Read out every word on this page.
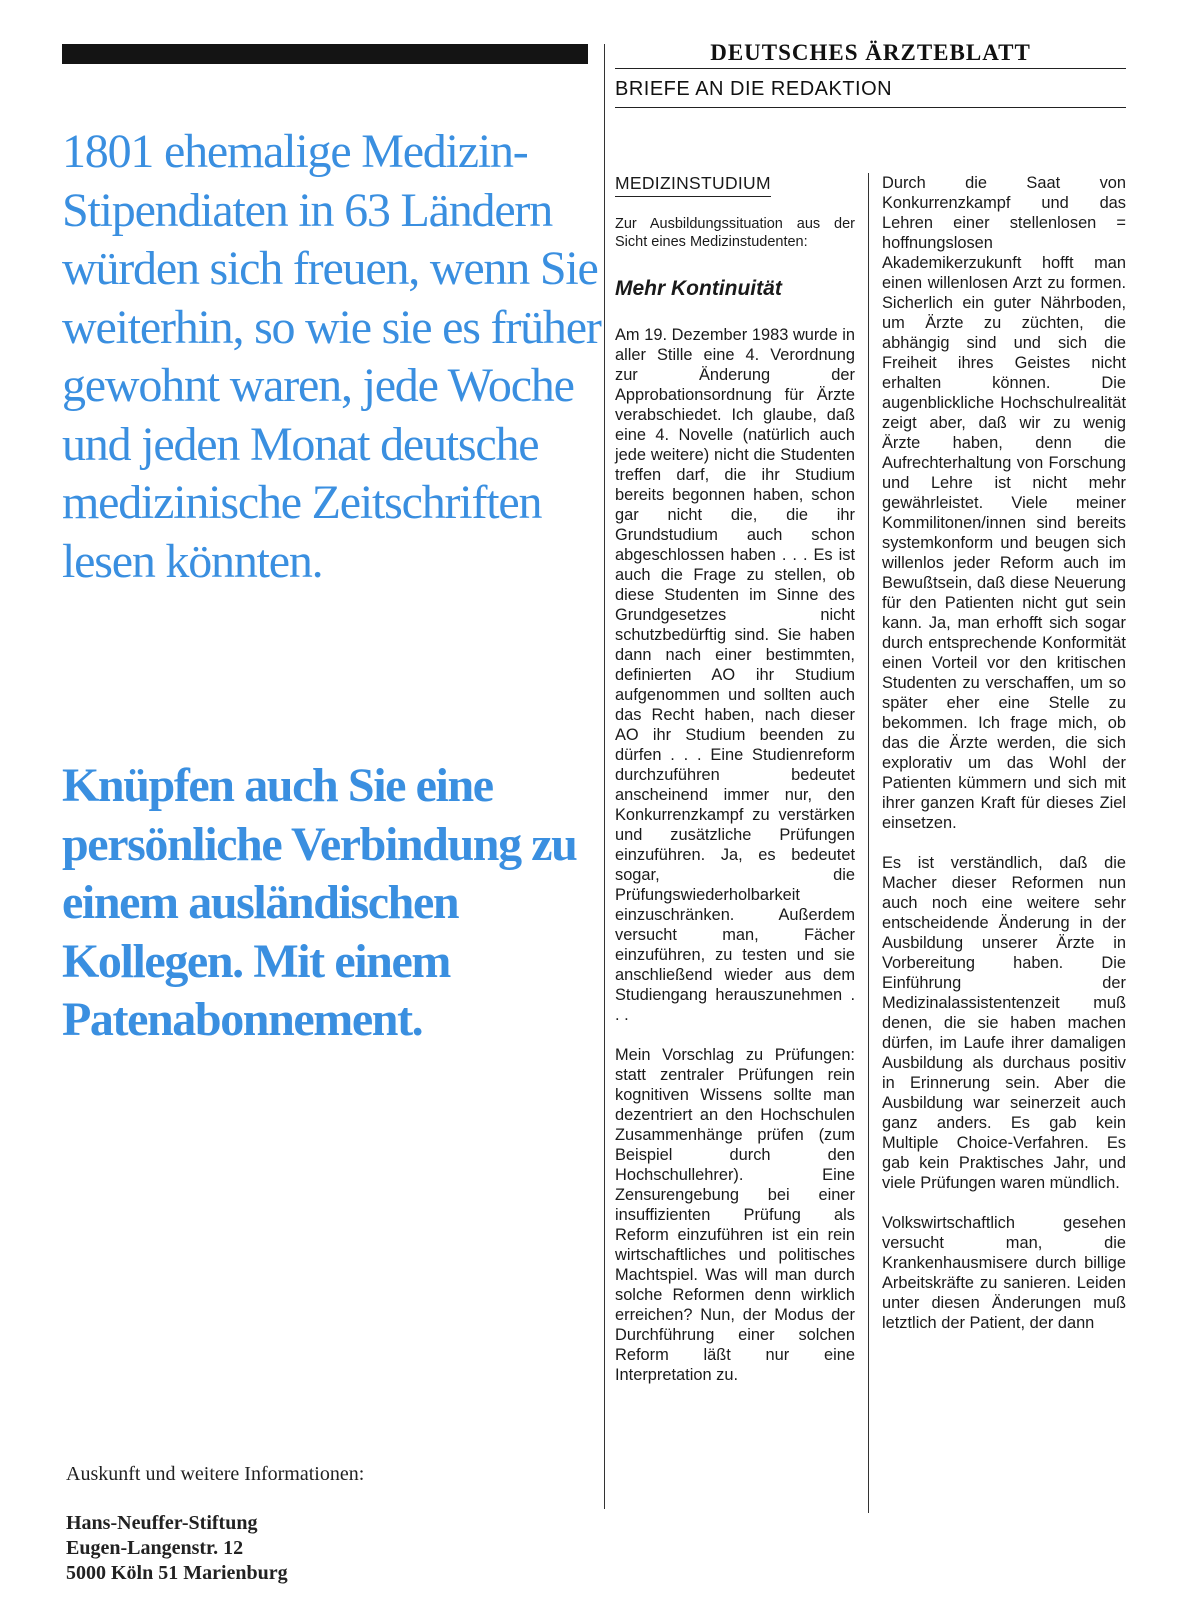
1801 ehemalige Medizin-Stipendiaten in 63 Ländern würden sich freuen, wenn Sie weiterhin, so wie sie es früher gewohnt waren, jede Woche und jeden Monat deutsche medizinische Zeitschriften lesen könnten.
Knüpfen auch Sie eine persönliche Verbindung zu einem ausländischen Kollegen. Mit einem Patenabonnement.
Auskunft und weitere Informationen:
Hans-Neuffer-Stiftung
Eugen-Langenstr. 12
5000 Köln 51 Marienburg
DEUTSCHES ÄRZTEBLATT
BRIEFE AN DIE REDAKTION
MEDIZINSTUDIUM
Zur Ausbildungssituation aus der Sicht eines Medizinstudenten:
Mehr Kontinuität

Am 19. Dezember 1983 wurde in aller Stille eine 4. Verordnung zur Änderung der Approbationsordnung für Ärzte verabschiedet. Ich glaube, daß eine 4. Novelle (natürlich auch jede weitere) nicht die Studenten treffen darf, die ihr Studium bereits begonnen haben, schon gar nicht die, die ihr Grundstudium auch schon abgeschlossen haben . . . Es ist auch die Frage zu stellen, ob diese Studenten im Sinne des Grundgesetzes nicht schutzbedürftig sind. Sie haben dann nach einer bestimmten, definierten AO ihr Studium aufgenommen und sollten auch das Recht haben, nach dieser AO ihr Studium beenden zu dürfen . . . Eine Studienreform durchzuführen bedeutet anscheinend immer nur, den Konkurrenzkampf zu verstärken und zusätzliche Prüfungen einzuführen. Ja, es bedeutet sogar, die Prüfungswiederholbarkeit einzuschränken. Außerdem versucht man, Fächer einzuführen, zu testen und sie anschließend wieder aus dem Studiengang herauszunehmen . . .

Mein Vorschlag zu Prüfungen: statt zentraler Prüfungen rein kognitiven Wissens sollte man dezentriert an den Hochschulen Zusammenhänge prüfen (zum Beispiel durch den Hochschullehrer). Eine Zensurengebung bei einer insuffizienten Prüfung als Reform einzuführen ist ein rein wirtschaftliches und politisches Machtspiel. Was will man durch solche Reformen denn wirklich erreichen? Nun, der Modus der Durchführung einer solchen Reform läßt nur eine Interpretation zu.

Durch die Saat von Konkurrenzkampf und das Lehren einer stellenlosen = hoffnungslosen Akademikerzukunft hofft man einen willenlosen Arzt zu formen. Sicherlich ein guter Nährboden, um Ärzte zu züchten, die abhängig sind und sich die Freiheit ihres Geistes nicht erhalten können. Die augenblickliche Hochschulrealität zeigt aber, daß wir zu wenig Ärzte haben, denn die Aufrechterhaltung von Forschung und Lehre ist nicht mehr gewährleistet. Viele meiner Kommilitonen/innen sind bereits systemkonform und beugen sich willenlos jeder Reform auch im Bewußtsein, daß diese Neuerung für den Patienten nicht gut sein kann. Ja, man erhofft sich sogar durch entsprechende Konformität einen Vorteil vor den kritischen Studenten zu verschaffen, um so später eher eine Stelle zu bekommen. Ich frage mich, ob das die Ärzte werden, die sich explorativ um das Wohl der Patienten kümmern und sich mit ihrer ganzen Kraft für dieses Ziel einsetzen.

Es ist verständlich, daß die Macher dieser Reformen nun auch noch eine weitere sehr entscheidende Änderung in der Ausbildung unserer Ärzte in Vorbereitung haben. Die Einführung der Medizinalassistentenzeit muß denen, die sie haben machen dürfen, im Laufe ihrer damaligen Ausbildung als durchaus positiv in Erinnerung sein. Aber die Ausbildung war seinerzeit auch ganz anders. Es gab kein Multiple Choice-Verfahren. Es gab kein Praktisches Jahr, und viele Prüfungen waren mündlich.

Volkswirtschaftlich gesehen versucht man, die Krankenhausmisere durch billige Arbeitskräfte zu sanieren. Leiden unter diesen Änderungen muß letztlich der Patient, der dann
